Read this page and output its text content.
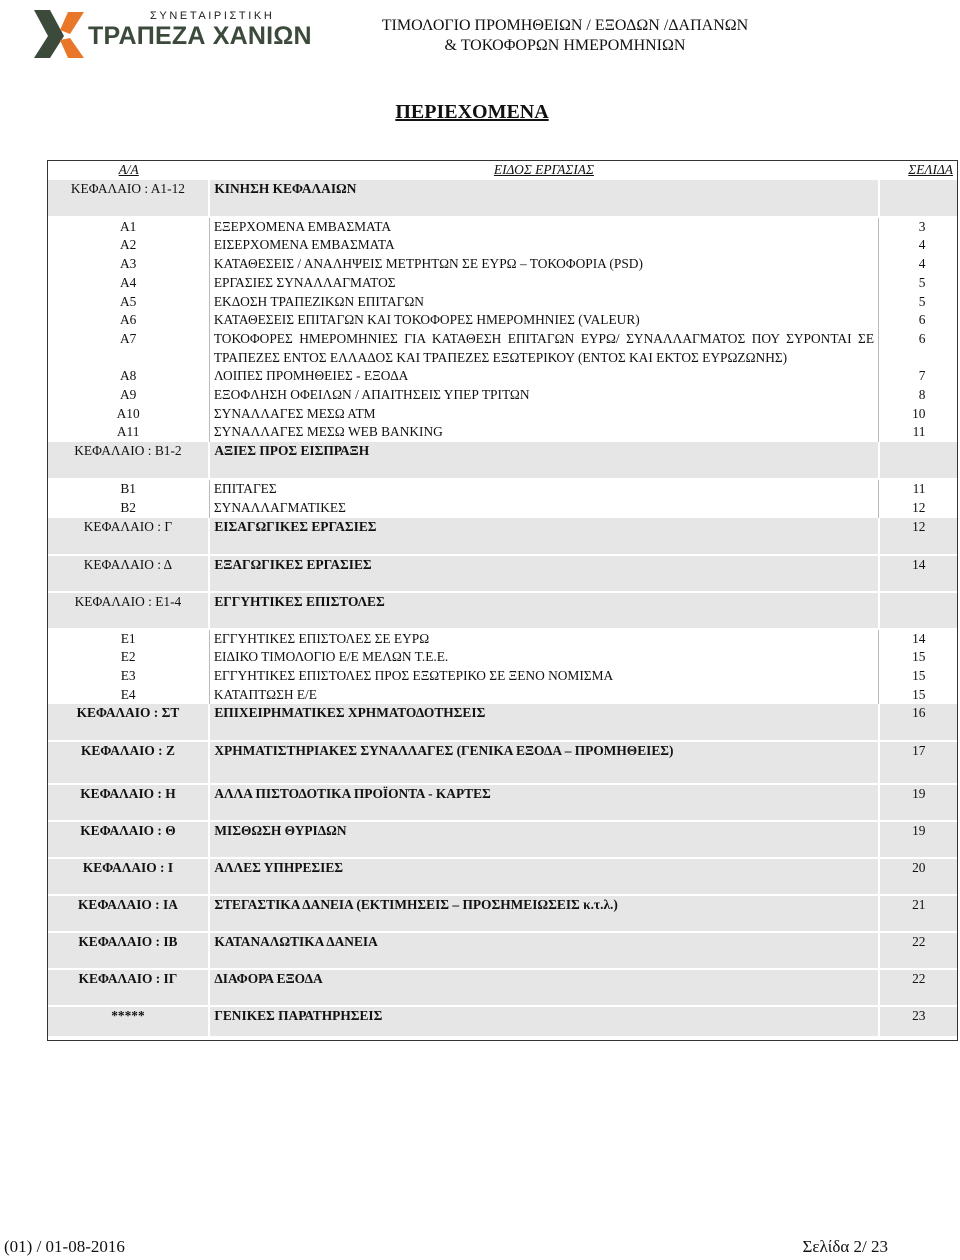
ΣΥΝΕΤΑΙΡΙΣΤΙΚΗ
ΤΡΑΠΕΖΑ ΧΑΝΙΩΝ	ΤΙΜΟΛΟΓΙΟ ΠΡΟΜΗΘΕΙΩΝ / ΕΞΟΔΩΝ /ΔΑΠΑΝΩΝ
& ΤΟΚΟΦΟΡΩΝ ΗΜΕΡΟΜΗΝΙΩΝ
ΠΕΡΙΕΧΟΜΕΝΑ
Α/Α	ΕΙΔΟΣ ΕΡΓΑΣΙΑΣ	ΣΕΛΙΔΑ
ΚΕΦΑΛΑΙΟ : Α1-12	ΚΙΝΗΣΗ ΚΕΦΑΛΑΙΩΝ	
Α1	ΕΞΕΡΧΟΜΕΝΑ ΕΜΒΑΣΜΑΤΑ	3
Α2	ΕΙΣΕΡΧΟΜΕΝΑ ΕΜΒΑΣΜΑΤΑ	4
Α3	ΚΑΤΑΘΕΣΕΙΣ / ΑΝΑΛΗΨΕΙΣ ΜΕΤΡΗΤΩΝ ΣΕ ΕΥΡΩ – ΤΟΚΟΦΟΡΙΑ (PSD)	4
Α4	ΕΡΓΑΣΙΕΣ ΣΥΝΑΛΛΑΓΜΑΤΟΣ	5
Α5	ΕΚΔΟΣΗ ΤΡΑΠΕΖΙΚΩΝ ΕΠΙΤΑΓΩΝ	5
Α6	ΚΑΤΑΘΕΣΕΙΣ ΕΠΙΤΑΓΩΝ ΚΑΙ ΤΟΚΟΦΟΡΕΣ ΗΜΕΡΟΜΗΝΙΕΣ (VALEUR)	6
Α7	ΤΟΚΟΦΟΡΕΣ ΗΜΕΡΟΜΗΝΙΕΣ ΓΙΑ ΚΑΤΑΘΕΣΗ ΕΠΙΤΑΓΩΝ ΕΥΡΩ/ ΣΥΝΑΛΛΑΓΜΑΤΟΣ ΠΟΥ ΣΥΡΟΝΤΑΙ ΣΕ ΤΡΑΠΕΖΕΣ ΕΝΤΟΣ ΕΛΛΑΔΟΣ ΚΑΙ ΤΡΑΠΕΖΕΣ ΕΞΩΤΕΡΙΚΟΥ (ΕΝΤΟΣ ΚΑΙ ΕΚΤΟΣ ΕΥΡΩΖΩΝΗΣ)	6
Α8	ΛΟΙΠΕΣ ΠΡΟΜΗΘΕΙΕΣ - ΕΞΟΔΑ	7
Α9	ΕΞΟΦΛΗΣΗ ΟΦΕΙΛΩΝ / ΑΠΑΙΤΗΣΕΙΣ ΥΠΕΡ ΤΡΙΤΩΝ	8
Α10	ΣΥΝΑΛΛΑΓΕΣ ΜΕΣΩ ΑΤΜ	10
Α11	ΣΥΝΑΛΛΑΓΕΣ ΜΕΣΩ WEB BANKING	11
ΚΕΦΑΛΑΙΟ : Β1-2	ΑΞΙΕΣ ΠΡΟΣ ΕΙΣΠΡΑΞΗ	
Β1	ΕΠΙΤΑΓΕΣ	11
Β2	ΣΥΝΑΛΛΑΓΜΑΤΙΚΕΣ	12
ΚΕΦΑΛΑΙΟ : Γ	ΕΙΣΑΓΩΓΙΚΕΣ ΕΡΓΑΣΙΕΣ	12
ΚΕΦΑΛΑΙΟ : Δ	ΕΞΑΓΩΓΙΚΕΣ ΕΡΓΑΣΙΕΣ	14
ΚΕΦΑΛΑΙΟ : Ε1-4	ΕΓΓΥΗΤΙΚΕΣ ΕΠΙΣΤΟΛΕΣ	
Ε1	ΕΓΓΥΗΤΙΚΕΣ ΕΠΙΣΤΟΛΕΣ ΣΕ ΕΥΡΩ	14
Ε2	ΕΙΔΙΚΟ ΤΙΜΟΛΟΓΙΟ Ε/Ε ΜΕΛΩΝ Τ.Ε.Ε.	15
Ε3	ΕΓΓΥΗΤΙΚΕΣ ΕΠΙΣΤΟΛΕΣ ΠΡΟΣ ΕΞΩΤΕΡΙΚΟ ΣΕ ΞΕΝΟ ΝΟΜΙΣΜΑ	15
Ε4	ΚΑΤΑΠΤΩΣΗ Ε/Ε	15
ΚΕΦΑΛΑΙΟ : ΣΤ	ΕΠΙΧΕΙΡΗΜΑΤΙΚΕΣ ΧΡΗΜΑΤΟΔΟΤΗΣΕΙΣ	16
ΚΕΦΑΛΑΙΟ : Ζ	ΧΡΗΜΑΤΙΣΤΗΡΙΑΚΕΣ ΣΥΝΑΛΛΑΓΕΣ (ΓΕΝΙΚΑ ΕΞΟΔΑ – ΠΡΟΜΗΘΕΙΕΣ)	17
ΚΕΦΑΛΑΙΟ : Η	ΑΛΛΑ ΠΙΣΤΟΔΟΤΙΚΑ ΠΡΟΪΟΝΤΑ - ΚΑΡΤΕΣ	19
ΚΕΦΑΛΑΙΟ : Θ	ΜΙΣΘΩΣΗ ΘΥΡΙΔΩΝ	19
ΚΕΦΑΛΑΙΟ : Ι	ΑΛΛΕΣ ΥΠΗΡΕΣΙΕΣ	20
ΚΕΦΑΛΑΙΟ : ΙΑ	ΣΤΕΓΑΣΤΙΚΑ ΔΑΝΕΙΑ (ΕΚΤΙΜΗΣΕΙΣ – ΠΡΟΣΗΜΕΙΩΣΕΙΣ κ.τ.λ.)	21
ΚΕΦΑΛΑΙΟ : ΙΒ	ΚΑΤΑΝΑΛΩΤΙΚΑ ΔΑΝΕΙΑ	22
ΚΕΦΑΛΑΙΟ : ΙΓ	ΔΙΑΦΟΡΑ ΕΞΟΔΑ	22
*****	ΓΕΝΙΚΕΣ ΠΑΡΑΤΗΡΗΣΕΙΣ	23
(01) / 01-08-2016	Σελίδα 2/ 23
